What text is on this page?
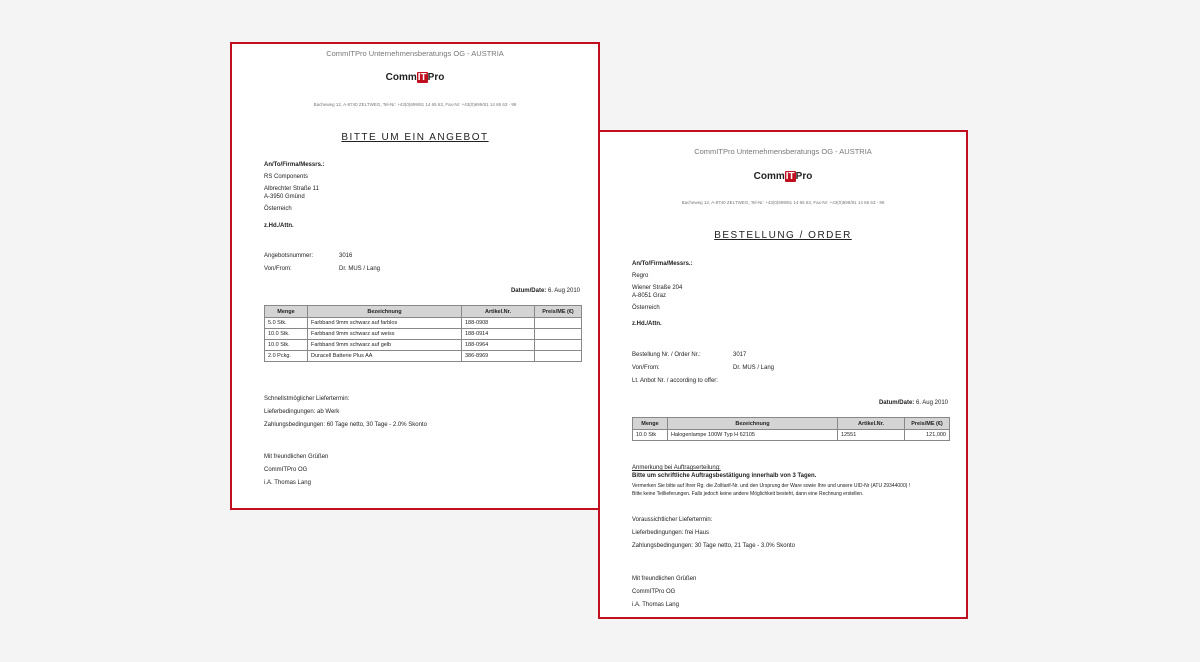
CommITPro Unternehmensberatungs OG - AUSTRIA
CommITPro
Bacheweg 12, A-8740 ZELTWEG, Tel-Nr: +43(0)699/81 14 65 63, Fax-Nr: +43(0)699/81 14 65 63 - 99
BITTE UM EIN ANGEBOT
An/To/Firma/Messrs.:
RS Components
Albrechter Straße 11
A-3950 Gmünd
Österreich
z.Hd./Attn.
Angebotsnummer:	3016
Von/From:	Dr. MUS / Lang
Datum/Date: 6. Aug 2010
Menge	Bezeichnung	Artikel.Nr.	Preis/ME (€)
5.0 Stk.	Farbband 9mm schwarz auf farblos	188-0908	
10.0 Stk.	Farbband 9mm schwarz auf weiss	188-0914	
10.0 Stk.	Farbband 9mm schwarz auf gelb	188-0964	
2.0 Pckg.	Duracell Batterie Plus AA	386-8969	
Schnellstmöglicher Liefertermin:
Lieferbedingungen: ab Werk
Zahlungsbedingungen: 60 Tage netto, 30 Tage - 2.0% Skonto
Mit freundlichen Grüßen
CommITPro OG
i.A. Thomas Lang
CommITPro Unternehmensberatungs OG - AUSTRIA
CommITPro
Bacheweg 12, A-8740 ZELTWEG, Tel-Nr: +43(0)699/81 14 65 63, Fax-Nr: +43(0)699/81 14 65 63 - 99
BESTELLUNG / ORDER
An/To/Firma/Messrs.:
Regro
Wiener Straße 204
A-8051 Graz
Österreich
z.Hd./Attn.
Bestellung Nr. / Order Nr.:	3017
Von/From:	Dr. MUS / Lang
Lt. Anbot Nr. / according to offer:
Datum/Date: 6. Aug 2010
Menge	Bezeichnung	Artikel.Nr.	Preis/ME (€)
10.0 Stk	Halogenlampe 100W Typ H 62105	12551	121,000
Anmerkung bei Auftragserteilung:
Bitte um schriftliche Auftragsbestätigung innerhalb von 3 Tagen.
Vermerken Sie bitte auf Ihrer Rg. die Zolltarif-Nr. und den Ursprung der Ware sowie Ihre und unsere UID-Nr (ATU 29344000) !
Bitte keine Teillieferungen. Falls jedoch keine andere Möglichkeit besteht, dann eine Rechnung erstellen.
Voraussichtlicher Liefertermin:
Lieferbedingungen: frei Haus
Zahlungsbedingungen: 30 Tage netto, 21 Tage - 3.0% Skonto
Mit freundlichen Grüßen
CommITPro OG
i.A. Thomas Lang
